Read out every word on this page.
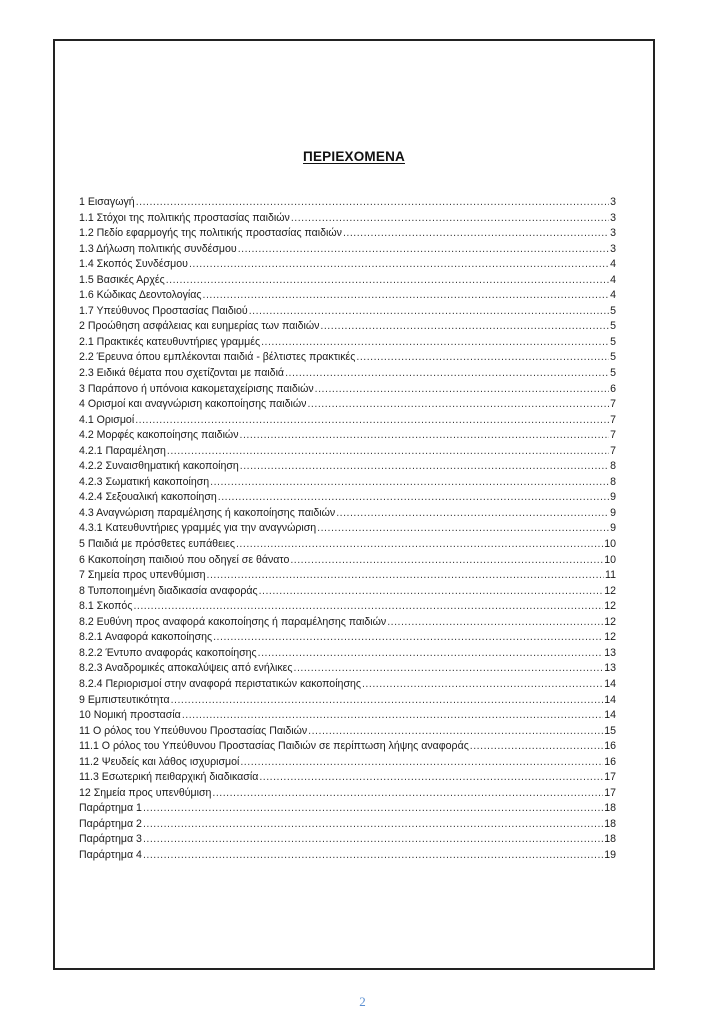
ΠΕΡΙΕΧΟΜΕΝΑ
1 Εισαγωγή .....	3
1.1 Στόχοι της πολιτικής προστασίας παιδιών .....	3
1.2 Πεδίο εφαρμογής της πολιτικής προστασίας παιδιών .....	3
1.3 Δήλωση πολιτικής συνδέσμου .....	3
1.4 Σκοπός Συνδέσμου .....	4
1.5 Βασικές Αρχές .....	4
1.6 Κώδικας Δεοντολογίας .....	4
1.7 Υπεύθυνος Προστασίας Παιδιού .....	5
2 Προώθηση ασφάλειας και ευημερίας των παιδιών .....	5
2.1 Πρακτικές κατευθυντήριες γραμμές .....	5
2.2 Έρευνα όπου εμπλέκονται παιδιά - βέλτιστες πρακτικές .....	5
2.3 Ειδικά θέματα που σχετίζονται με παιδιά .....	5
3 Παράπονο ή υπόνοια κακομεταχείρισης παιδιών .....	6
4 Ορισμοί και αναγνώριση κακοποίησης παιδιών .....	7
4.1 Ορισμοί .....	7
4.2 Μορφές κακοποίησης παιδιών .....	7
4.2.1 Παραμέληση .....	7
4.2.2 Συναισθηματική κακοποίηση .....	8
4.2.3 Σωματική κακοποίηση .....	8
4.2.4 Σεξουαλική κακοποίηση .....	9
4.3 Αναγνώριση παραμέλησης ή κακοποίησης παιδιών .....	9
4.3.1 Κατευθυντήριες γραμμές για την αναγνώριση .....	9
5 Παιδιά με πρόσθετες ευπάθειες .....	10
6 Κακοποίηση παιδιού που οδηγεί σε θάνατο .....	10
7 Σημεία προς υπενθύμιση .....	11
8 Τυποποιημένη διαδικασία αναφοράς .....	12
8.1 Σκοπός .....	12
8.2 Ευθύνη προς αναφορά κακοποίησης ή παραμέλησης παιδιών .....	12
8.2.1 Αναφορά κακοποίησης .....	12
8.2.2 Έντυπο αναφοράς κακοποίησης .....	13
8.2.3 Αναδρομικές αποκαλύψεις από ενήλικες .....	13
8.2.4 Περιορισμοί στην αναφορά περιστατικών κακοποίησης .....	14
9 Εμπιστευτικότητα .....	14
10 Νομική προστασία .....	14
11 Ο ρόλος του Υπεύθυνου Προστασίας Παιδιών .....	15
11.1 Ο ρόλος του Υπεύθυνου Προστασίας Παιδιών σε περίπτωση λήψης αναφοράς .....	16
11.2 Ψευδείς και λάθος ισχυρισμοί .....	16
11.3 Εσωτερική πειθαρχική διαδικασία .....	17
12 Σημεία προς υπενθύμιση .....	17
Παράρτημα 1 .....	18
Παράρτημα 2 .....	18
Παράρτημα 3 .....	18
Παράρτημα 4 .....	19
2
